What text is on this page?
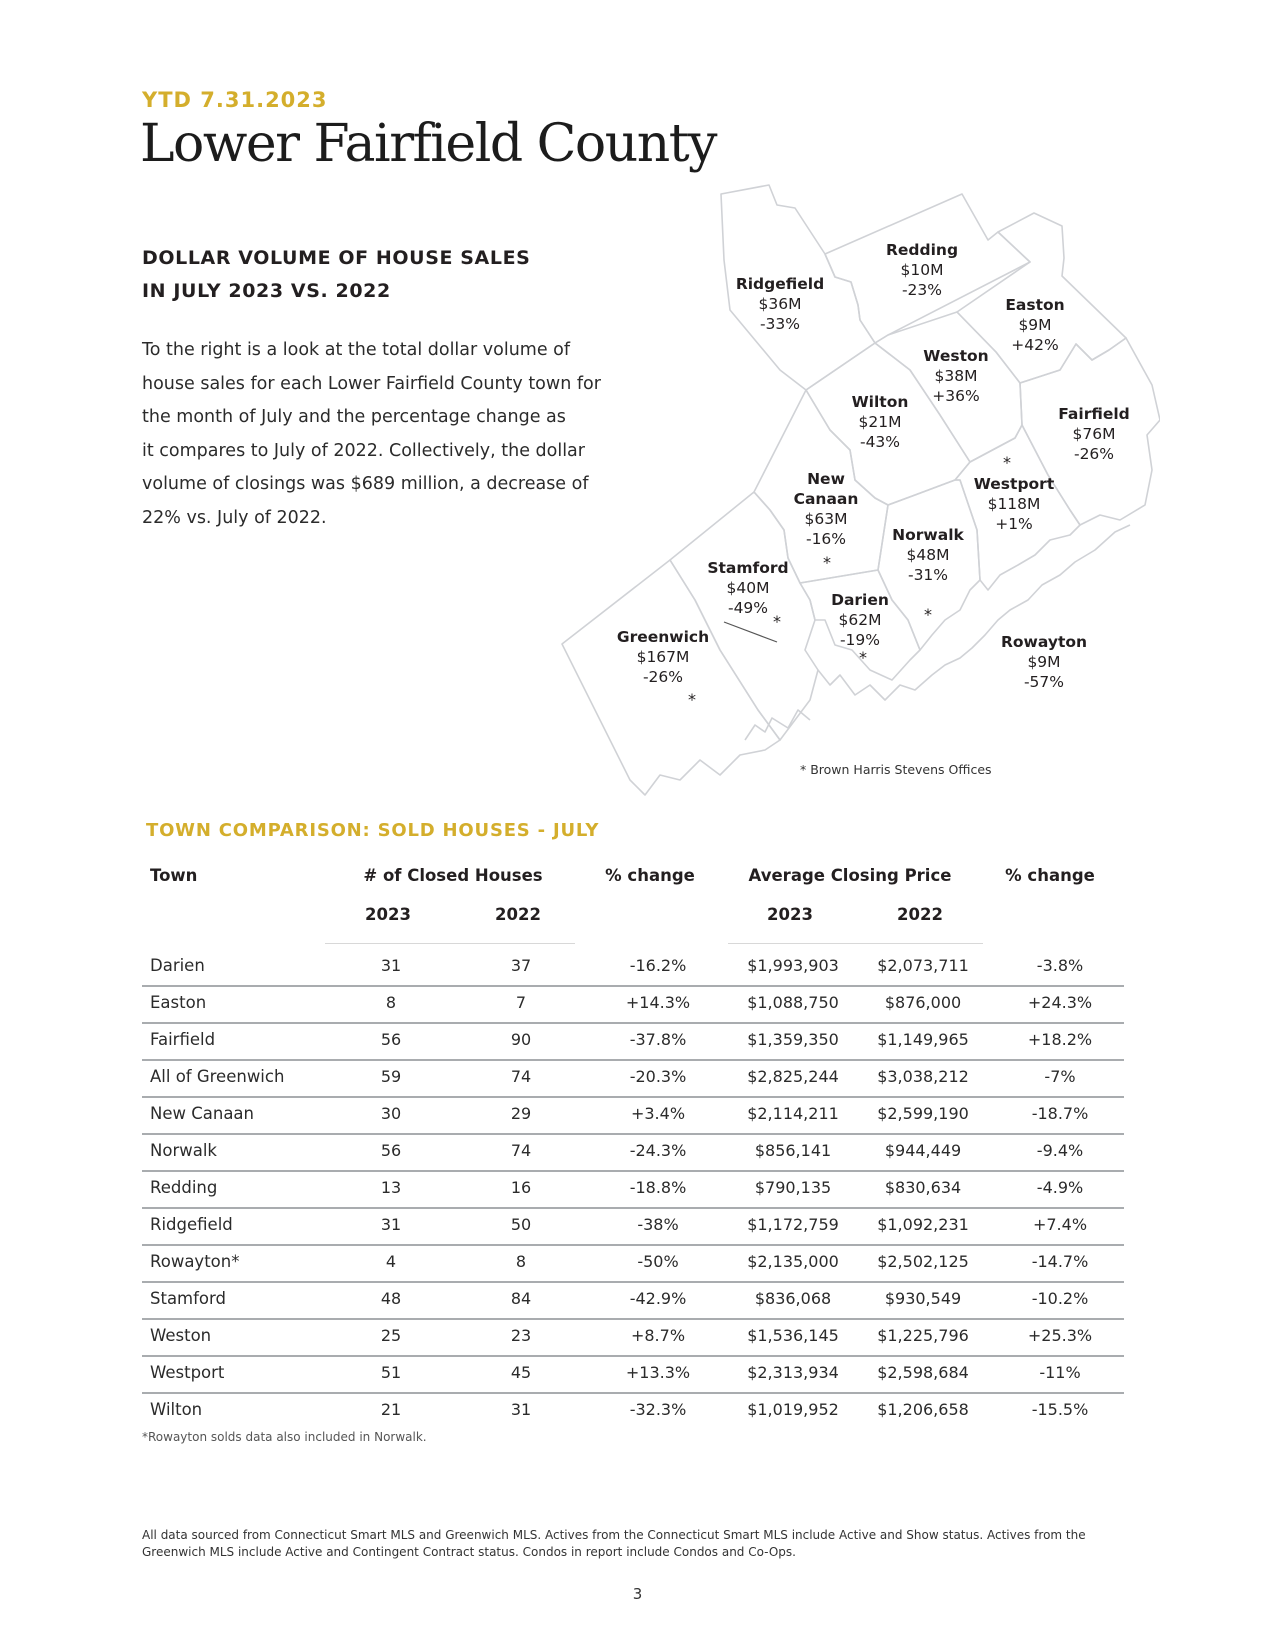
YTD 7.31.2023
Lower Fairfield County
DOLLAR VOLUME OF HOUSE SALES
IN JULY 2023 VS. 2022
To the right is a look at the total dollar volume of
house sales for each Lower Fairfield County town for
the month of July and the percentage change as
it compares to July of 2022. Collectively, the dollar
volume of closings was $689 million, a decrease of
22% vs. July of 2022.
Redding
$10M
-23%
Ridgefield
$36M
-33%
Easton
$9M
+42%
Weston
$38M
+36%
Wilton
$21M
-43%
Fairfield
$76M
-26%
*
Westport
$118M
+1%
New
Canaan
$63M
-16%
*
Norwalk
$48M
-31%
Stamford
$40M
-49%
*
Darien
$62M
-19%
*
*
Greenwich
$167M
-26%
*
Rowayton
$9M
-57%
* Brown Harris Stevens Offices
TOWN COMPARISON: SOLD HOUSES - JULY
Town	# of Closed Houses	% change	Average Closing Price	% change
2023	2022	2023	2022
Darien	31	37	-16.2%	$1,993,903 $2,073,711	-3.8%
Easton	8	7	+14.3%	$1,088,750	$876,000	+24.3%
Fairfield	56	90	-37.8%	$1,359,350 $1,149,965	+18.2%
All of Greenwich	59	74	-20.3%	$2,825,244 $3,038,212	-7%
New Canaan	30	29	+3.4%	$2,114,211 $2,599,190	-18.7%
Norwalk	56	74	-24.3%	$856,141	$944,449	-9.4%
Redding	13	16	-18.8%	$790,135	$830,634	-4.9%
Ridgefield	31	50	-38%	$1,172,759 $1,092,231	+7.4%
Rowayton*	4	8	-50%	$2,135,000 $2,502,125	-14.7%
Stamford	48	84	-42.9%	$836,068	$930,549	-10.2%
Weston	25	23	+8.7%	$1,536,145 $1,225,796	+25.3%
Westport	51	45	+13.3%	$2,313,934 $2,598,684	-11%
Wilton	21	31	-32.3%	$1,019,952 $1,206,658	-15.5%
*Rowayton solds data also included in Norwalk.
All data sourced from Connecticut Smart MLS and Greenwich MLS. Actives from the Connecticut Smart MLS include Active and Show status. Actives from the Greenwich MLS include Active and Contingent Contract status. Condos in report include Condos and Co-Ops.
3
